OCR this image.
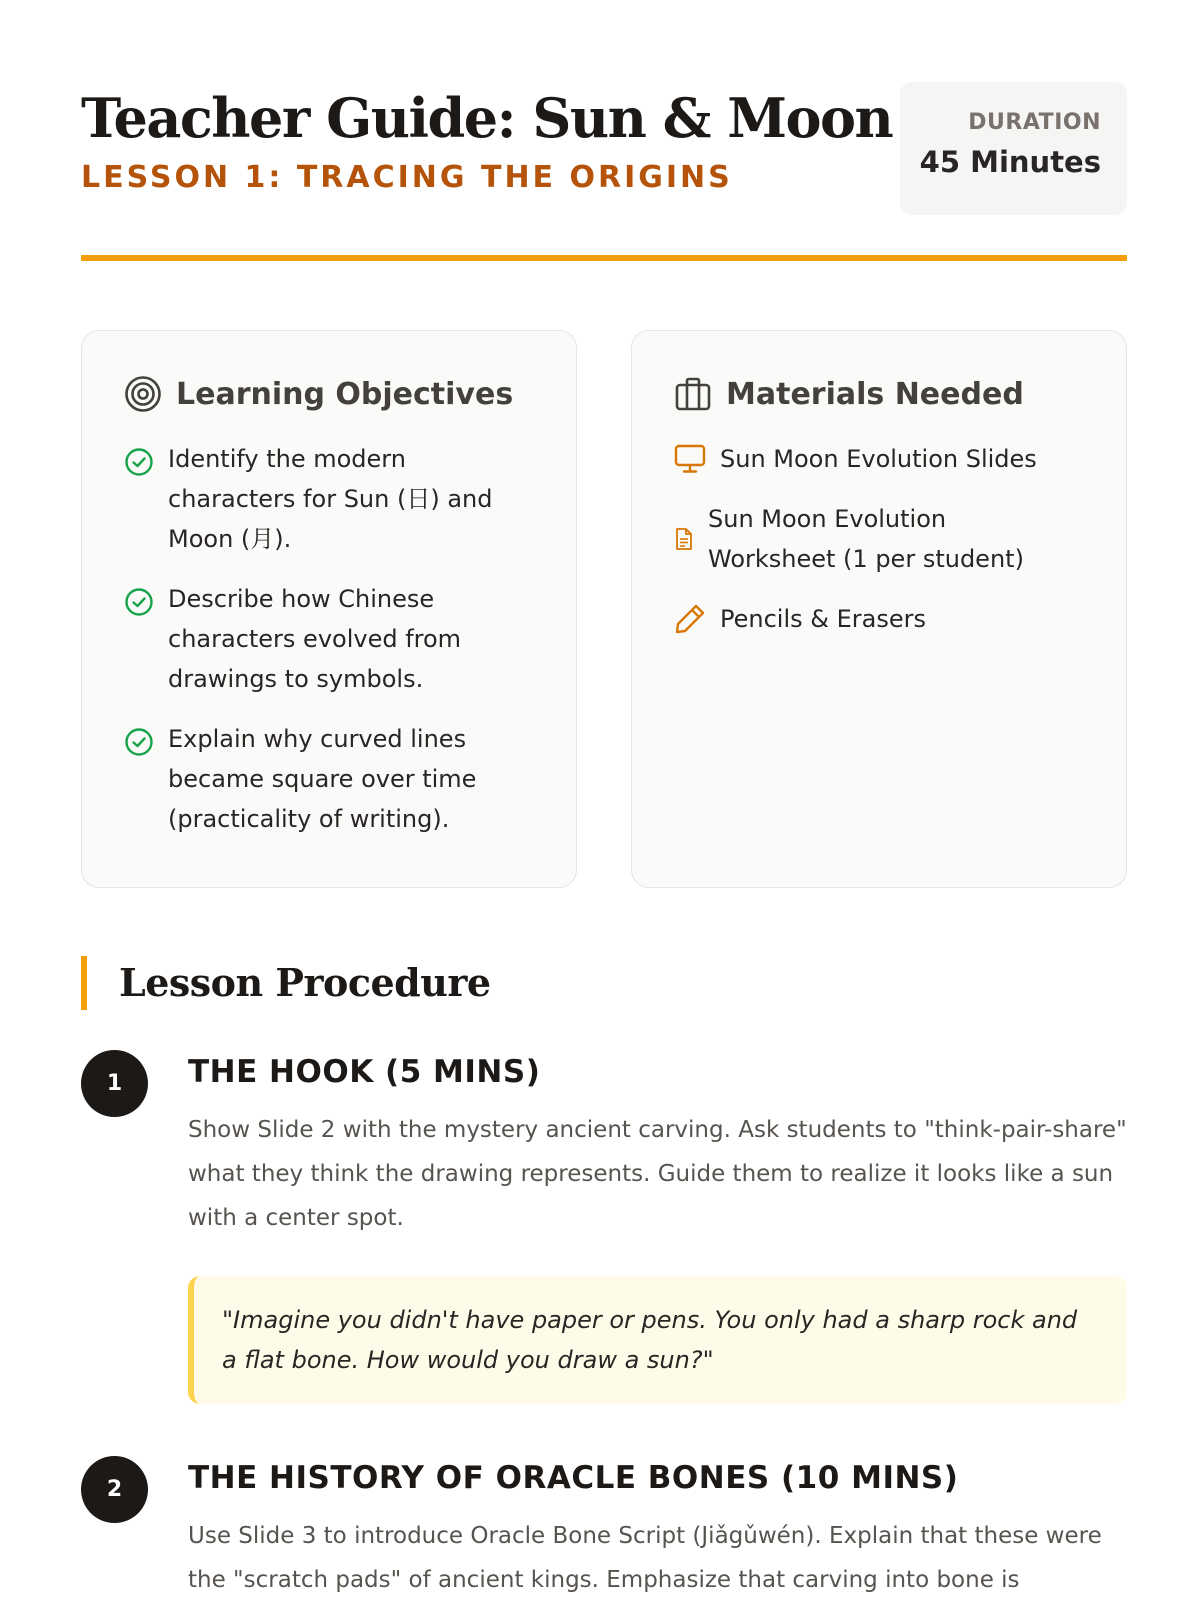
Teacher Guide: Sun & Moon
LESSON 1: TRACING THE ORIGINS
DURATION
45 Minutes
Learning Objectives
Identify the modern characters for Sun (日) and Moon (月).
Describe how Chinese characters evolved from drawings to symbols.
Explain why curved lines became square over time (practicality of writing).
Materials Needed
Sun Moon Evolution Slides
Sun Moon Evolution Worksheet (1 per student)
Pencils & Erasers
Lesson Procedure
1	THE HOOK (5 MINS)

Show Slide 2 with the mystery ancient carving. Ask students to "think-pair-share" what they think the drawing represents. Guide them to realize it looks like a sun with a center spot.

"Imagine you didn't have paper or pens. You only had a sharp rock and a flat bone. How would you draw a sun?"
2	THE HISTORY OF ORACLE BONES (10 MINS)

Use Slide 3 to introduce Oracle Bone Script (Jiǎgǔwén). Explain that these were the "scratch pads" of ancient kings. Emphasize that carving into bone is
